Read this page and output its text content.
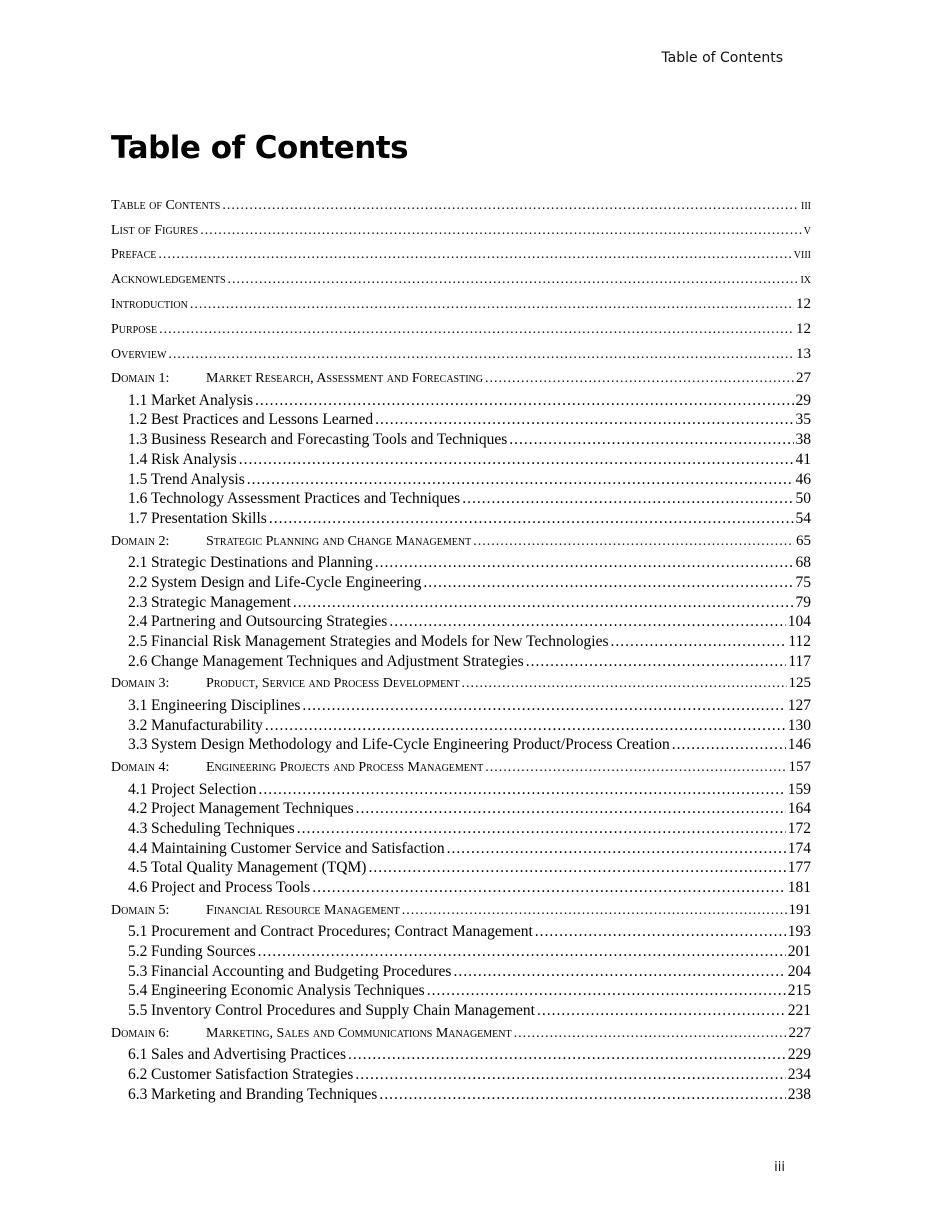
Table of Contents
Table of Contents
Table of Contents .....	iii
List of Figures .....	v
Preface .....	viii
Acknowledgements .....	ix
Introduction .....	12
Purpose .....	12
Overview .....	13
Domain 1:	Market Research, Assessment and Forecasting .....	27
1.1 Market Analysis .....	29
1.2 Best Practices and Lessons Learned .....	35
1.3 Business Research and Forecasting Tools and Techniques .....	38
1.4 Risk Analysis .....	41
1.5 Trend Analysis .....	46
1.6 Technology Assessment Practices and Techniques .....	50
1.7 Presentation Skills .....	54
Domain 2:	Strategic Planning and Change Management .....	65
2.1 Strategic Destinations and Planning .....	68
2.2 System Design and Life-Cycle Engineering .....	75
2.3 Strategic Management .....	79
2.4 Partnering and Outsourcing Strategies .....	104
2.5 Financial Risk Management Strategies and Models for New Technologies .....	112
2.6 Change Management Techniques and Adjustment Strategies .....	117
Domain 3:	Product, Service and Process Development .....	125
3.1 Engineering Disciplines .....	127
3.2 Manufacturability .....	130
3.3 System Design Methodology and Life-Cycle Engineering Product/Process Creation .....	146
Domain 4:	Engineering Projects and Process Management .....	157
4.1 Project Selection .....	159
4.2 Project Management Techniques .....	164
4.3 Scheduling Techniques .....	172
4.4 Maintaining Customer Service and Satisfaction .....	174
4.5 Total Quality Management (TQM) .....	177
4.6 Project and Process Tools .....	181
Domain 5:	Financial Resource Management .....	191
5.1 Procurement and Contract Procedures; Contract Management .....	193
5.2 Funding Sources .....	201
5.3 Financial Accounting and Budgeting Procedures .....	204
5.4 Engineering Economic Analysis Techniques .....	215
5.5 Inventory Control Procedures and Supply Chain Management .....	221
Domain 6:	Marketing, Sales and Communications Management .....	227
6.1 Sales and Advertising Practices .....	229
6.2 Customer Satisfaction Strategies .....	234
6.3 Marketing and Branding Techniques .....	238
iii
